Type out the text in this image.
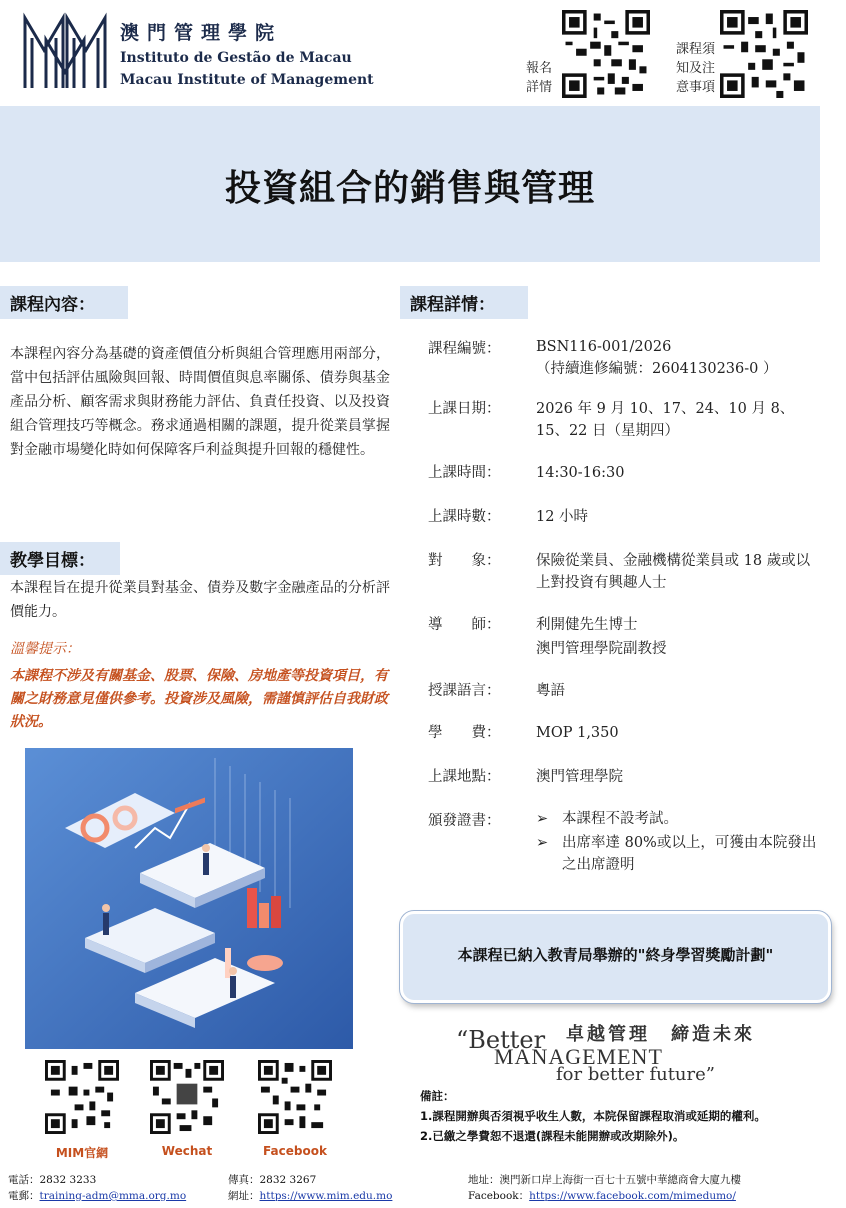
澳門管理學院
Instituto de Gestão de Macau
Macau Institute of Management
報名
詳情
課程須
知及注
意事項
投資組合的銷售與管理
課程內容：
本課程內容分為基礎的資產價值分析與組合管理應用兩部分，當中包括評估風險與回報、時間價值與息率關係、債券與基金產品分析、顧客需求與財務能力評估、負責任投資、以及投資組合管理技巧等概念。務求通過相關的課題，提升從業員掌握對金融市場變化時如何保障客戶利益與提升回報的穩健性。
教學目標：
本課程旨在提升從業員對基金、債券及數字金融產品的分析評價能力。
溫馨提示：
本課程不涉及有關基金、股票、保險、房地產等投資項目，有關之財務意見僅供參考。投資涉及風險，需謹慎評估自我財政狀況。
MIM官網	Wechat	Facebook
課程詳情：
課程編號：	BSN116-001/2026
（持續進修編號：2604130236-0 ）
上課日期：	2026 年 9 月 10、17、24、10 月 8、15、22 日（星期四）
上課時間：	14:30-16:30
上課時數：	12 小時
對　　象：	保險從業員、金融機構從業員或 18 歲或以上對投資有興趣人士
導　　師：	利開健先生博士
澳門管理學院副教授
授課語言：	粵語
學　　費：	MOP 1,350
上課地點：	澳門管理學院
頒發證書：	➢ 本課程不設考試。
➢ 出席率達 80%或以上，可獲由本院發出之出席證明
本課程已納入教青局舉辦的"終身學習獎勵計劃"
卓越管理　締造未來
“Better
MANAGEMENT
for better future”
備註：
1.課程開辦與否須視乎收生人數，本院保留課程取消或延期的權利。
2.已繳之學費恕不退還(課程未能開辦或改期除外)。
電話：2832 3233
電郵：training-adm@mma.org.mo
傳真：2832 3267
網址：https://www.mim.edu.mo
地址：澳門新口岸上海街一百七十五號中華總商會大廈九樓
Facebook：https://www.facebook.com/mimedumo/
